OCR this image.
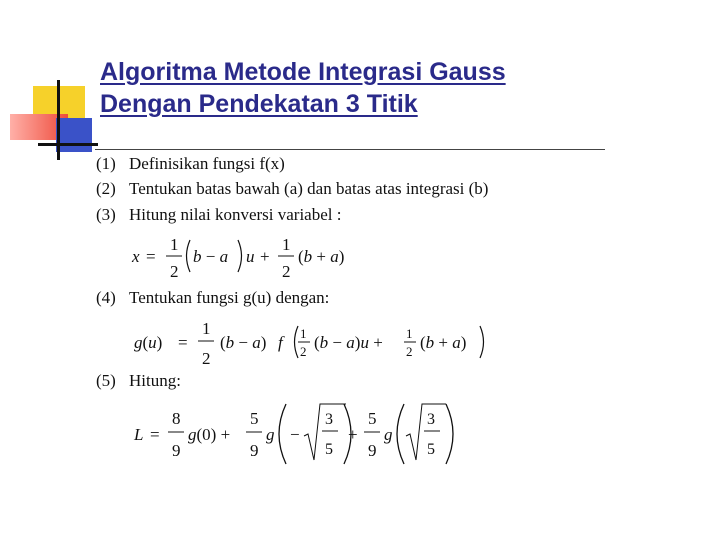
Algoritma Metode Integrasi Gauss
Dengan Pendekatan 3 Titik
(1) Definisikan fungsi f(x)
(2) Tentukan batas bawah (a) dan batas atas integrasi (b)
(3) Hitung nilai konversi variabel :
(4) Tentukan fungsi g(u) dengan:
(5) Hitung:
x =
1
2
b − a u +
1
2
(b + a)
g(u) =
1
2
(b − a) f 1
2 (b − a)u + 1
2 (b + a)
L =
8
9
g(0) +
5
9
g −
3
5
+
5
9
g
3
5
